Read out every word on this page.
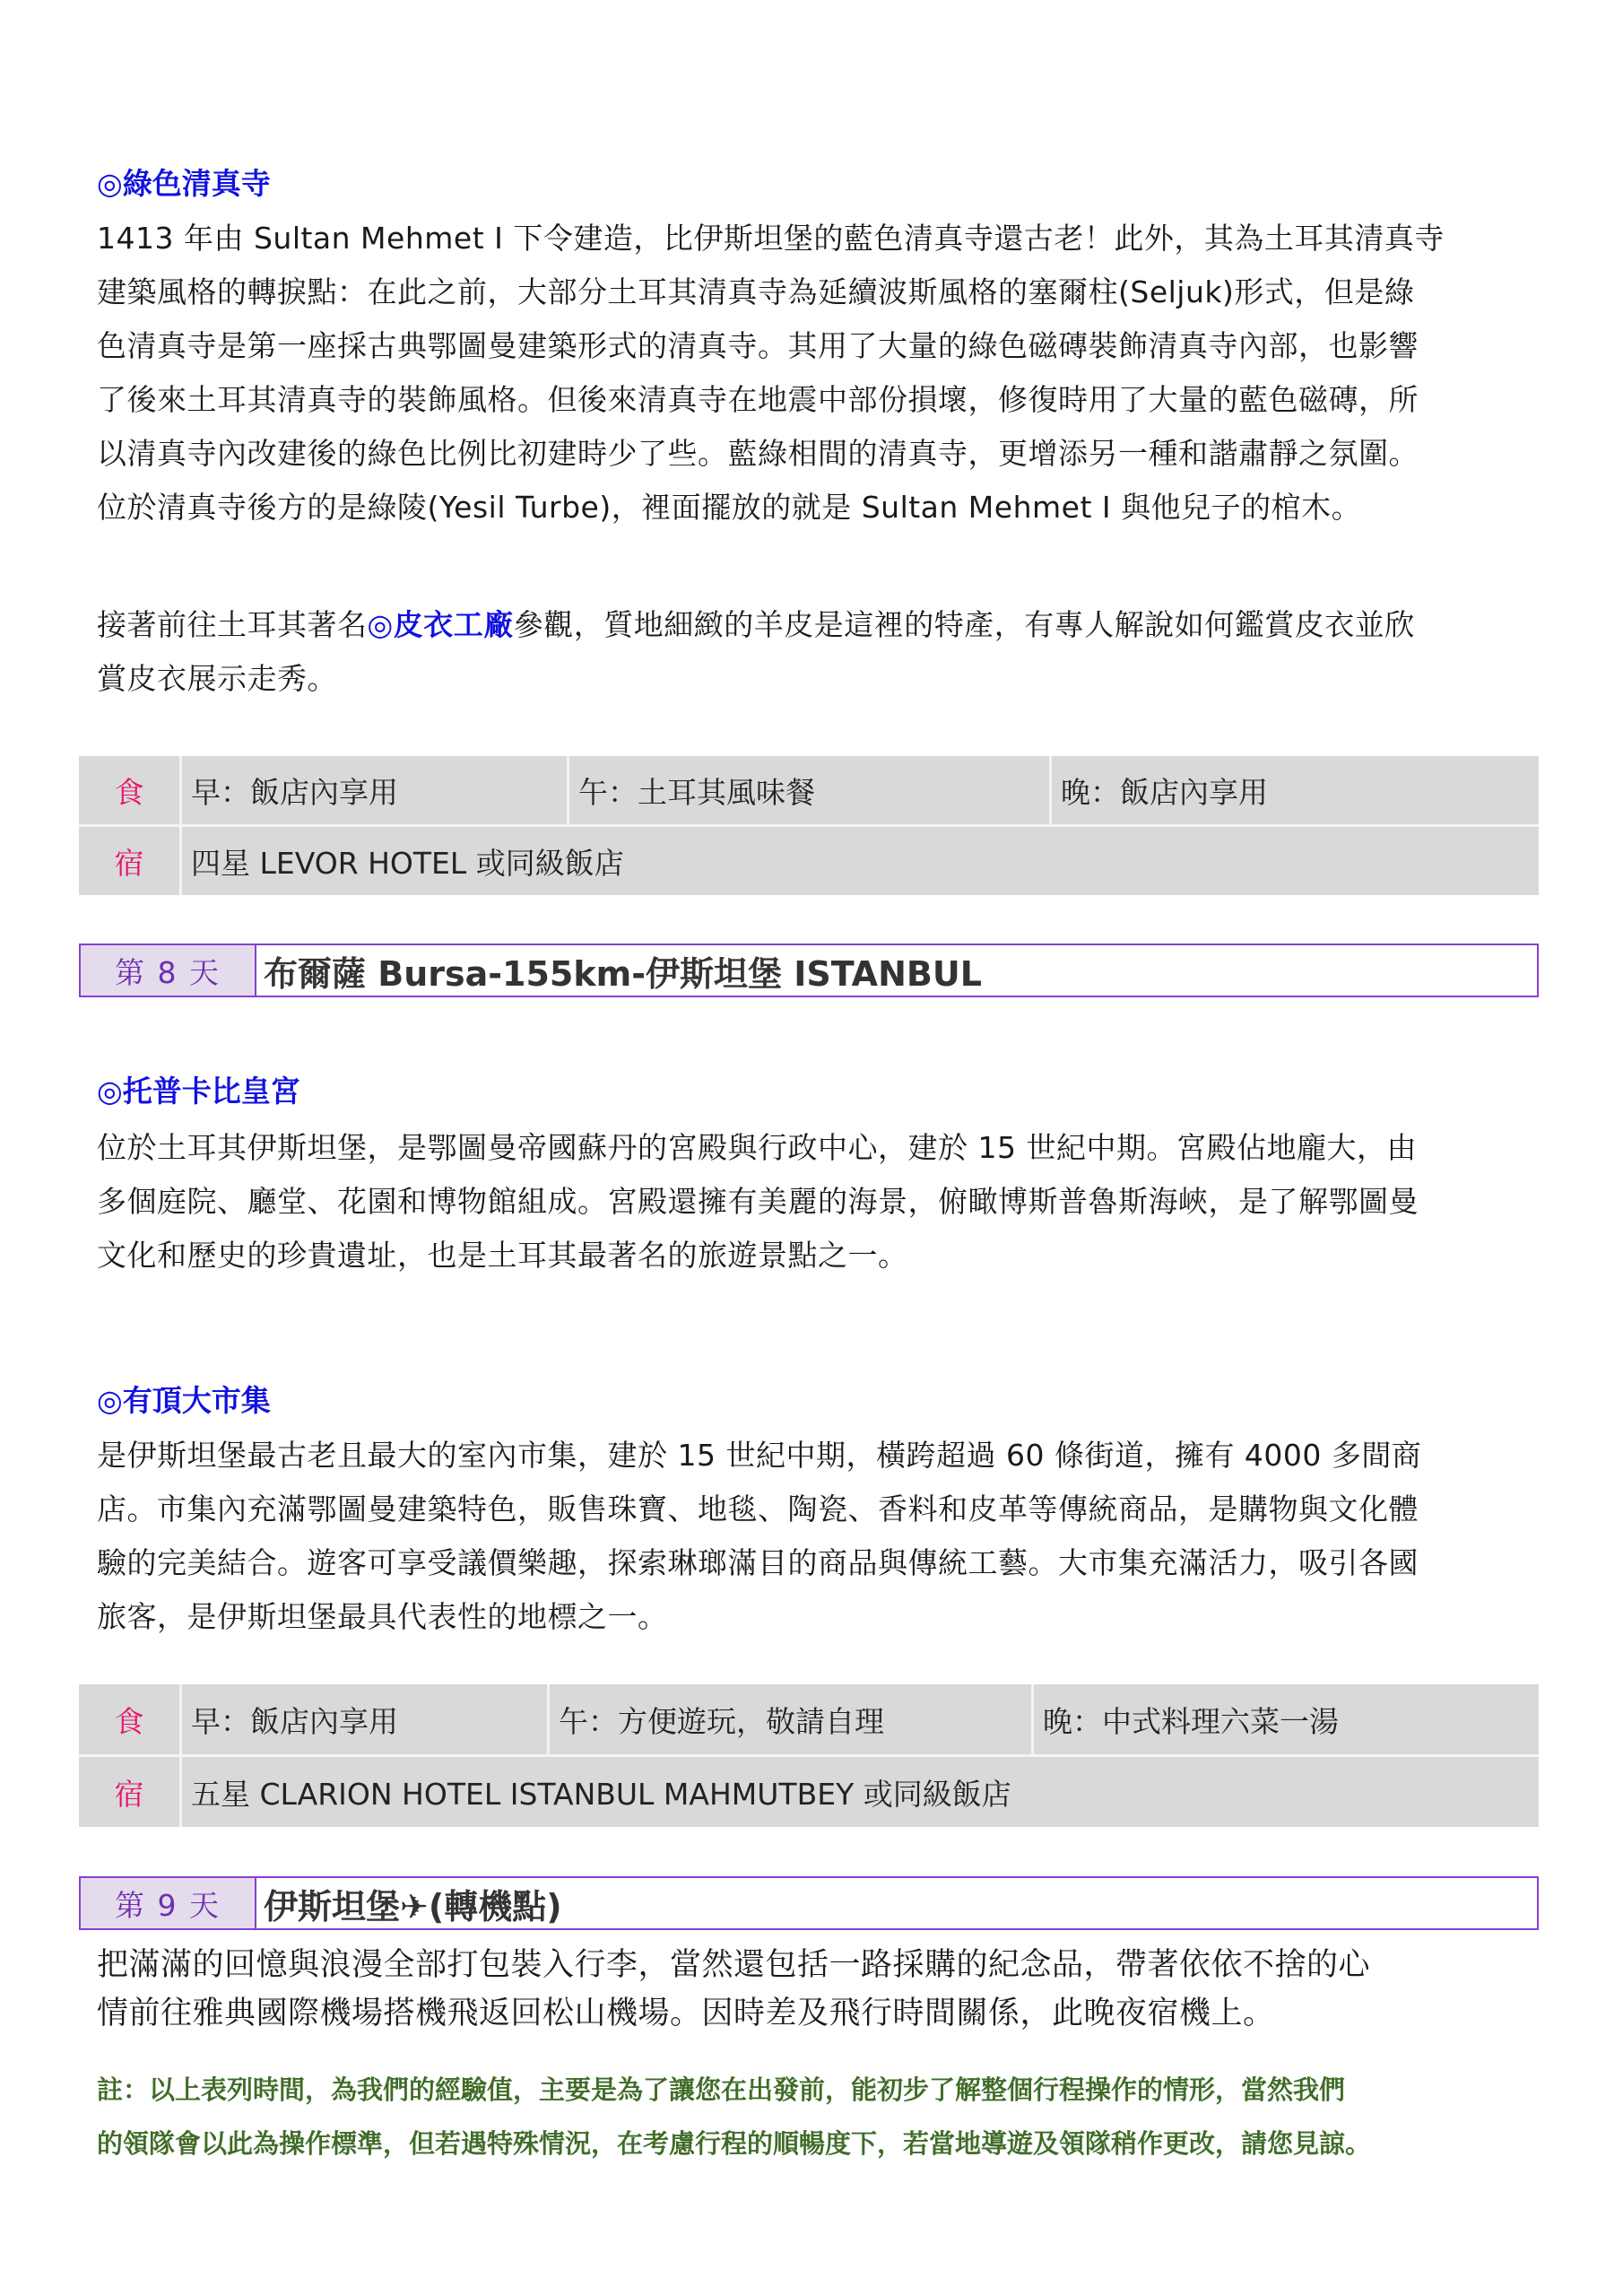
◎綠色清真寺

1413 年由 Sultan Mehmet I 下令建造，比伊斯坦堡的藍色清真寺還古老！此外，其為土耳其清真寺

建築風格的轉捩點：在此之前，大部分土耳其清真寺為延續波斯風格的塞爾柱(Seljuk)形式，但是綠

色清真寺是第一座採古典鄂圖曼建築形式的清真寺。其用了大量的綠色磁磚裝飾清真寺內部，也影響

了後來土耳其清真寺的裝飾風格。但後來清真寺在地震中部份損壞，修復時用了大量的藍色磁磚，所

以清真寺內改建後的綠色比例比初建時少了些。藍綠相間的清真寺，更增添另一種和諧肅靜之氛圍。

位於清真寺後方的是綠陵(Yesil Turbe)，裡面擺放的就是 Sultan Mehmet I 與他兒子的棺木。

接著前往土耳其著名◎皮衣工廠參觀，質地細緻的羊皮是這裡的特產，有專人解說如何鑑賞皮衣並欣

賞皮衣展示走秀。

食	早：飯店內享用	午：土耳其風味餐	晚：飯店內享用
宿	四星 LEVOR HOTEL 或同級飯店
第 8 天	布爾薩 Bursa-155km-伊斯坦堡 ISTANBUL
◎托普卡比皇宮

位於土耳其伊斯坦堡，是鄂圖曼帝國蘇丹的宮殿與行政中心，建於 15 世紀中期。宮殿佔地龐大，由

多個庭院、廳堂、花園和博物館組成。宮殿還擁有美麗的海景，俯瞰博斯普魯斯海峽，是了解鄂圖曼

文化和歷史的珍貴遺址，也是土耳其最著名的旅遊景點之一。

◎有頂大市集

是伊斯坦堡最古老且最大的室內市集，建於 15 世紀中期，橫跨超過 60 條街道，擁有 4000 多間商

店。市集內充滿鄂圖曼建築特色，販售珠寶、地毯、陶瓷、香料和皮革等傳統商品，是購物與文化體

驗的完美結合。遊客可享受議價樂趣，探索琳瑯滿目的商品與傳統工藝。大市集充滿活力，吸引各國

旅客，是伊斯坦堡最具代表性的地標之一。

食	早：飯店內享用	午：方便遊玩，敬請自理	晚：中式料理六菜一湯
宿	五星 CLARION HOTEL ISTANBUL MAHMUTBEY 或同級飯店
第 9 天	伊斯坦堡✈(轉機點)

把滿滿的回憶與浪漫全部打包裝入行李，當然還包括一路採購的紀念品，帶著依依不捨的心

情前往雅典國際機場搭機飛返回松山機場。因時差及飛行時間關係，此晚夜宿機上。

註：以上表列時間，為我們的經驗值，主要是為了讓您在出發前，能初步了解整個行程操作的情形，當然我們

的領隊會以此為操作標準，但若遇特殊情況，在考慮行程的順暢度下，若當地導遊及領隊稍作更改，請您見諒。
